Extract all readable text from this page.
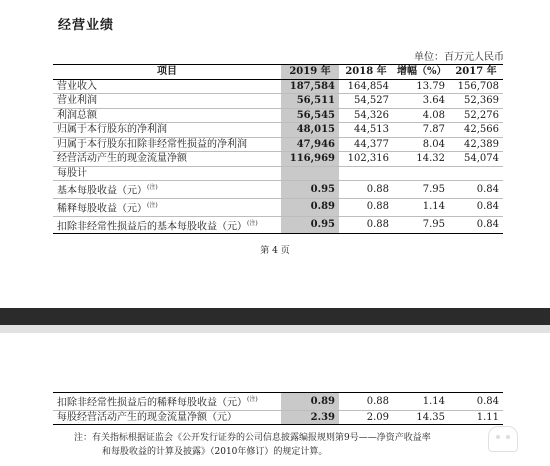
经营业绩
单位：百万元人民币
项目	2019 年	2018 年	增幅（%）	2017 年
营业收入	187,584	164,854	13.79	156,708
营业利润	56,511	54,527	3.64	52,369
利润总额	56,545	54,326	4.08	52,276
归属于本行股东的净利润	48,015	44,513	7.87	42,566
归属于本行股东扣除非经常性损益的净利润	47,946	44,377	8.04	42,389
经营活动产生的现金流量净额	116,969	102,316	14.32	54,074
每股计				
基本每股收益（元）$^{(注)}$	0.95	0.88	7.95	0.84
稀释每股收益（元）$^{(注)}$	0.89	0.88	1.14	0.84
扣除非经常性损益后的基本每股收益（元）$^{(注)}$	0.95	0.88	7.95	0.84
第 4 页
扣除非经常性损益后的稀释每股收益（元）$^{(注)}$	0.89	0.88	1.14	0.84
每股经营活动产生的现金流量净额（元）	2.39	2.09	14.35	1.11
注：有关指标根据证监会《公开发行证券的公司信息披露编报规则第9号——净资产收益率
和每股收益的计算及披露》（2010年修订）的规定计算。
